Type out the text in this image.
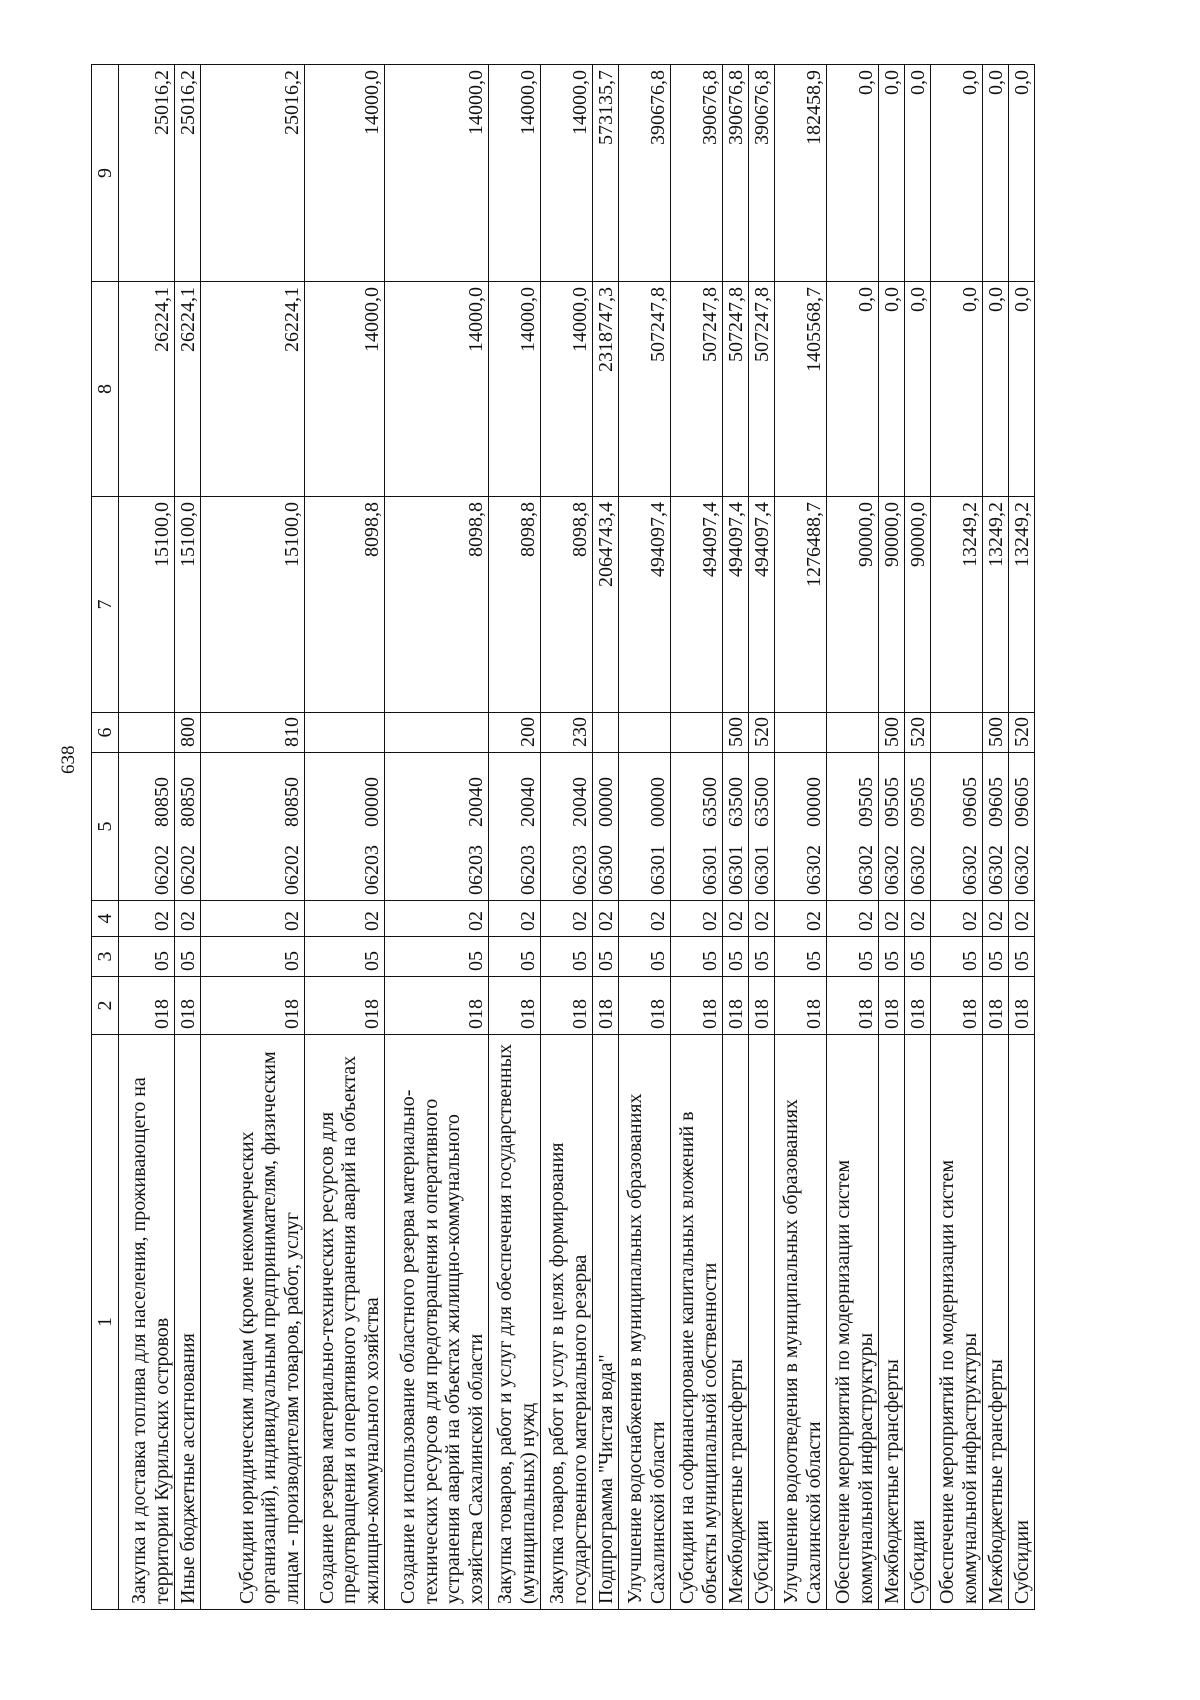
638
1	2	3	4	5	6	7	8	9
Закупка и доставка топлива для населения, проживающего на территории Курильских островов	018	05	02	0620280850		15100,0	26224,1	25016,2
Иные бюджетные ассигнования	018	05	02	0620280850	800	15100,0	26224,1	25016,2
Субсидии юридическим лицам (кроме некоммерческих организаций), индивидуальным предпринимателям, физическим лицам - производителям товаров, работ, услуг	018	05	02	0620280850	810	15100,0	26224,1	25016,2
Создание резерва материально-технических ресурсов для предотвращения и оперативного устранения аварий на объектах жилищно-коммунального хозяйства	018	05	02	0620300000		8098,8	14000,0	14000,0
Создание и использование областного резерва материально-технических ресурсов для предотвращения и оперативного устранения аварий на объектах жилищно-коммунального хозяйства Сахалинской области	018	05	02	0620320040		8098,8	14000,0	14000,0
Закупка товаров, работ и услуг для обеспечения государственных (муниципальных) нужд	018	05	02	0620320040	200	8098,8	14000,0	14000,0
Закупка товаров, работ и услуг в целях формирования государственного материального резерва	018	05	02	0620320040	230	8098,8	14000,0	14000,0
Подпрограмма "Чистая вода"	018	05	02	0630000000		2064743,4	2318747,3	573135,7
Улучшение водоснабжения в муниципальных образованиях Сахалинской области	018	05	02	0630100000		494097,4	507247,8	390676,8
Субсидии на софинансирование капитальных вложений в объекты муниципальной собственности	018	05	02	0630163500		494097,4	507247,8	390676,8
Межбюджетные трансферты	018	05	02	0630163500	500	494097,4	507247,8	390676,8
Субсидии	018	05	02	0630163500	520	494097,4	507247,8	390676,8
Улучшение водоотведения в муниципальных образованиях Сахалинской области	018	05	02	0630200000		1276488,7	1405568,7	182458,9
Обеспечение мероприятий по модернизации систем коммунальной инфраструктуры	018	05	02	0630209505		90000,0	0,0	0,0
Межбюджетные трансферты	018	05	02	0630209505	500	90000,0	0,0	0,0
Субсидии	018	05	02	0630209505	520	90000,0	0,0	0,0
Обеспечение мероприятий по модернизации систем коммунальной инфраструктуры	018	05	02	0630209605		13249,2	0,0	0,0
Межбюджетные трансферты	018	05	02	0630209605	500	13249,2	0,0	0,0
Субсидии	018	05	02	0630209605	520	13249,2	0,0	0,0
